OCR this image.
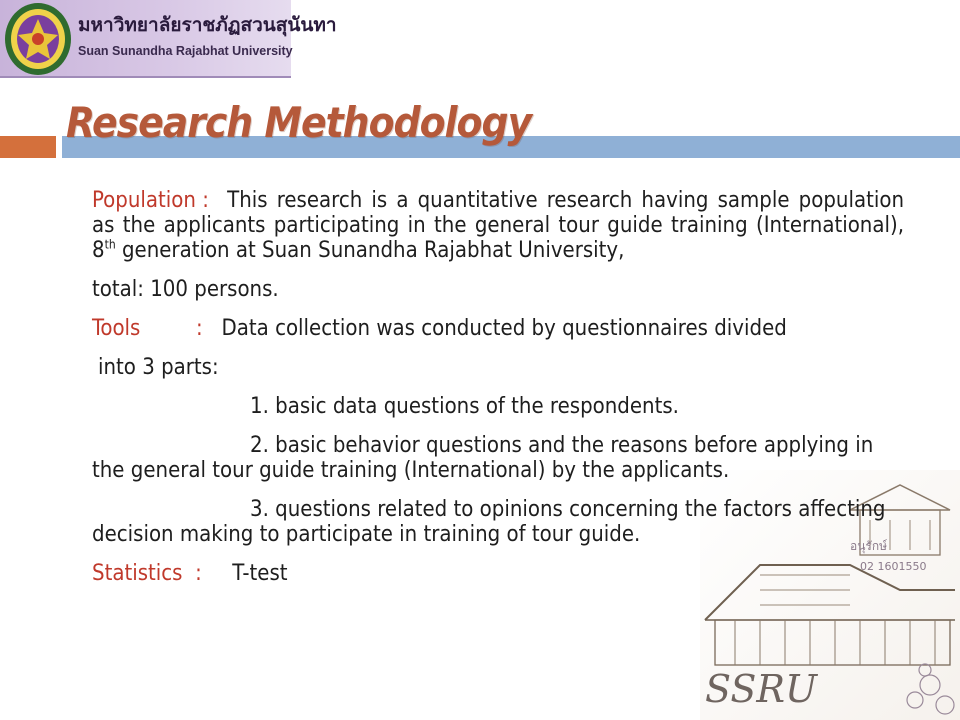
มหาวิทยาลัยราชภัฏสวนสุนันทา
Suan Sunandha Rajabhat University
Research Methodology
SSRU
อนุรักษ์
02 1601550

Population : This research is a quantitative research having sample population as the applicants participating in the general tour guide training (International), 8th generation at Suan Sunandha Rajabhat University,

total: 100 persons.

Tools	: Data collection was conducted by questionnaires divided

into 3 parts:

1. basic data questions of the respondents.

2. basic behavior questions and the reasons before applying in the general tour guide training (International) by the applicants.

3. questions related to opinions concerning the factors affecting decision making to participate in training of tour guide.

Statistics : T-test
